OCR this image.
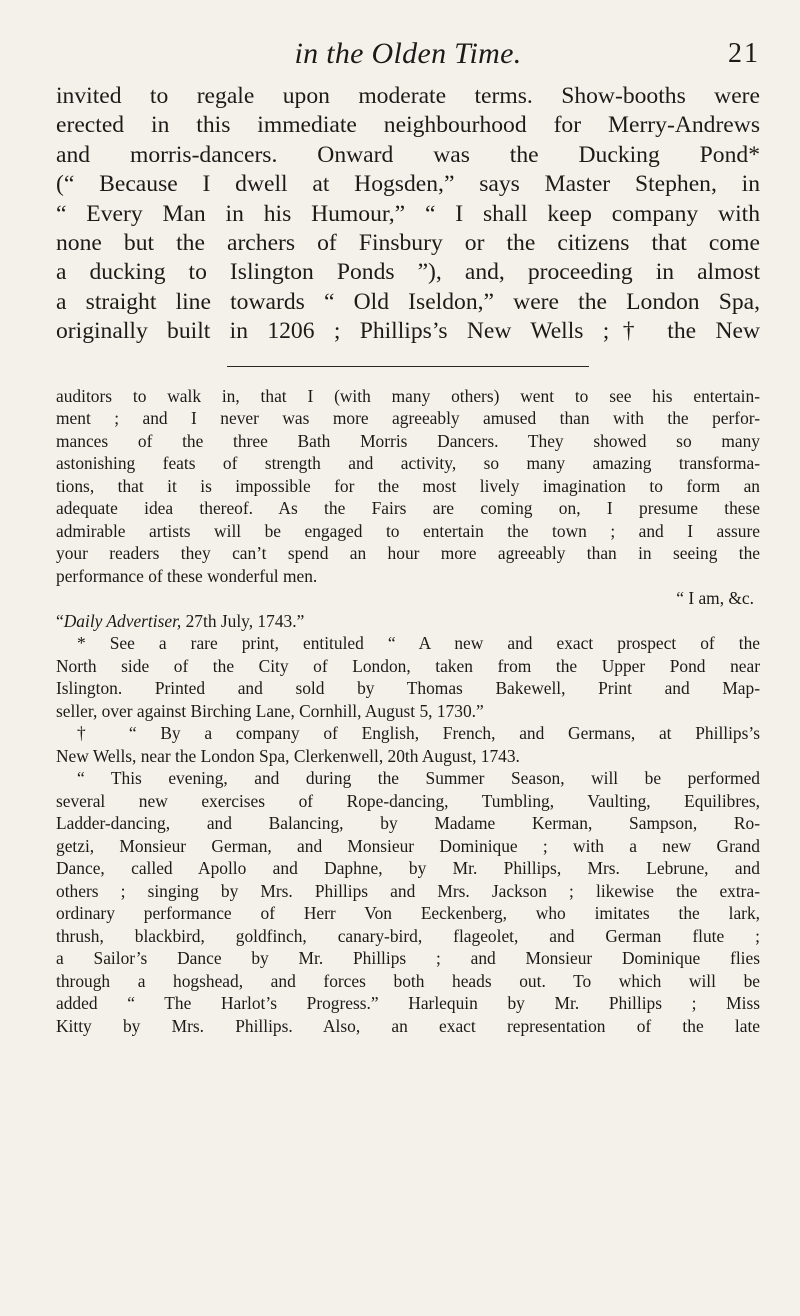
in the Olden Time.	21
invited to regale upon moderate terms. Show-booths were
erected in this immediate neighbourhood for Merry-Andrews
and morris-dancers. Onward was the Ducking Pond*
(“ Because I dwell at Hogsden,” says Master Stephen, in
“ Every Man in his Humour,” “ I shall keep company with
none but the archers of Finsbury or the citizens that come
a ducking to Islington Ponds ”), and, proceeding in almost
a straight line towards “ Old Iseldon,” were the London Spa,
originally built in 1206 ; Phillips’s New Wells ;† the New
auditors to walk in, that I (with many others) went to see his entertain-
ment ; and I never was more agreeably amused than with the perfor-
mances of the three Bath Morris Dancers. They showed so many
astonishing feats of strength and activity, so many amazing transforma-
tions, that it is impossible for the most lively imagination to form an
adequate idea thereof. As the Fairs are coming on, I presume these
admirable artists will be engaged to entertain the town ; and I assure
your readers they can’t spend an hour more agreeably than in seeing the
performance of these wonderful men.
“ I am, &c.
“Daily Advertiser, 27th July, 1743.”
* See a rare print, entituled “ A new and exact prospect of the
North side of the City of London, taken from the Upper Pond near
Islington. Printed and sold by Thomas Bakewell, Print and Map-
seller, over against Birching Lane, Cornhill, August 5, 1730.”
† “ By a company of English, French, and Germans, at Phillips’s
New Wells, near the London Spa, Clerkenwell, 20th August, 1743.
“ This evening, and during the Summer Season, will be performed
several new exercises of Rope-dancing, Tumbling, Vaulting, Equilibres,
Ladder-dancing, and Balancing, by Madame Kerman, Sampson, Ro-
getzi, Monsieur German, and Monsieur Dominique ; with a new Grand
Dance, called Apollo and Daphne, by Mr. Phillips, Mrs. Lebrune, and
others ; singing by Mrs. Phillips and Mrs. Jackson ; likewise the extra-
ordinary performance of Herr Von Eeckenberg, who imitates the lark,
thrush, blackbird, goldfinch, canary-bird, flageolet, and German flute ;
a Sailor’s Dance by Mr. Phillips ; and Monsieur Dominique flies
through a hogshead, and forces both heads out. To which will be
added “ The Harlot’s Progress.” Harlequin by Mr. Phillips ; Miss
Kitty by Mrs. Phillips. Also, an exact representation of the late
